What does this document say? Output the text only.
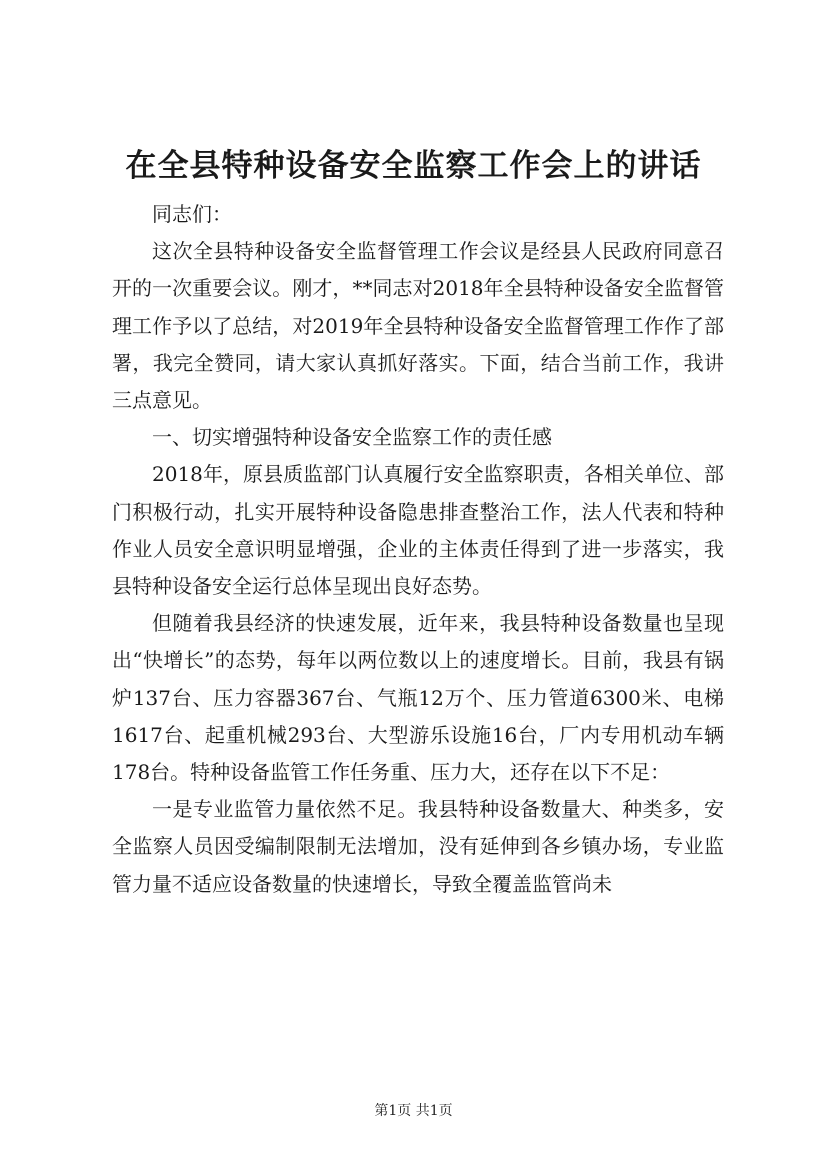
在全县特种设备安全监察工作会上的讲话

同志们：

这次全县特种设备安全监督管理工作会议是经县人民政府同意召开的一次重要会议。刚才，**同志对2018年全县特种设备安全监督管理工作予以了总结，对2019年全县特种设备安全监督管理工作作了部署，我完全赞同，请大家认真抓好落实。下面，结合当前工作，我讲三点意见。

一、切实增强特种设备安全监察工作的责任感

2018年，原县质监部门认真履行安全监察职责，各相关单位、部门积极行动，扎实开展特种设备隐患排查整治工作，法人代表和特种作业人员安全意识明显增强，企业的主体责任得到了进一步落实，我县特种设备安全运行总体呈现出良好态势。

但随着我县经济的快速发展，近年来，我县特种设备数量也呈现出“快增长”的态势，每年以两位数以上的速度增长。目前，我县有锅炉137台、压力容器367台、气瓶12万个、压力管道6300米、电梯1617台、起重机械293台、大型游乐设施16台，厂内专用机动车辆178台。特种设备监管工作任务重、压力大，还存在以下不足：

一是专业监管力量依然不足。我县特种设备数量大、种类多，安全监察人员因受编制限制无法增加，没有延伸到各乡镇办场，专业监管力量不适应设备数量的快速增长，导致全覆盖监管尚未

第1页 共1页
